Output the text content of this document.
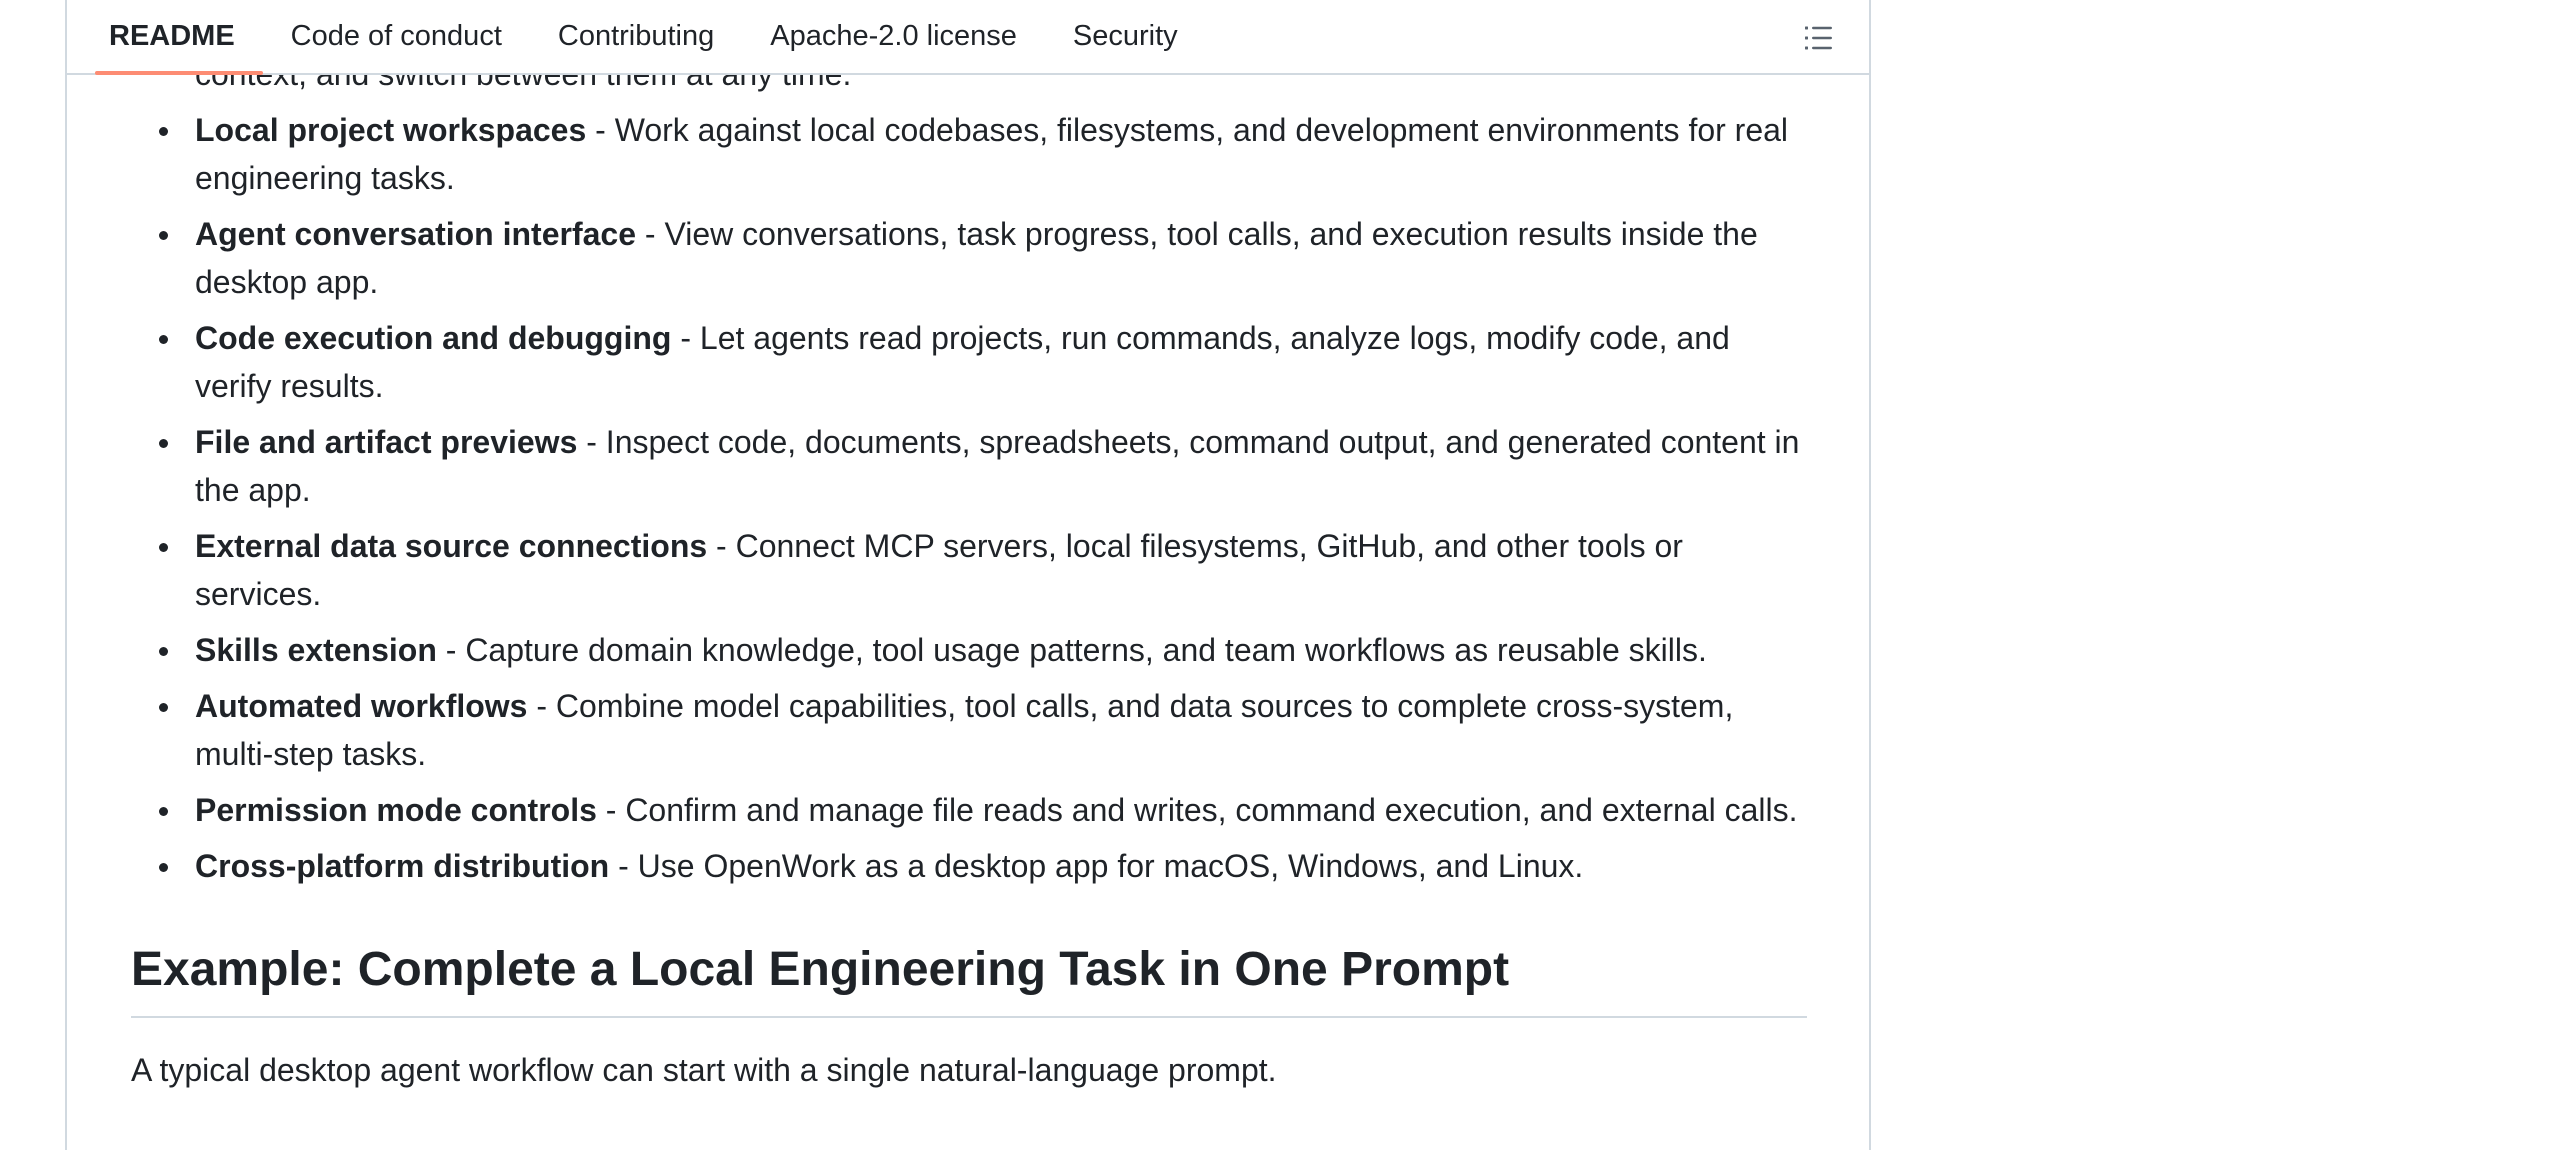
README Code of conduct Contributing Apache-2.0 license Security
Local project workspaces - Work against local codebases, filesystems, and development environments for real engineering tasks.
Agent conversation interface - View conversations, task progress, tool calls, and execution results inside the desktop app.
Code execution and debugging - Let agents read projects, run commands, analyze logs, modify code, and verify results.
File and artifact previews - Inspect code, documents, spreadsheets, command output, and generated content in the app.
External data source connections - Connect MCP servers, local filesystems, GitHub, and other tools or services.
Skills extension - Capture domain knowledge, tool usage patterns, and team workflows as reusable skills.
Automated workflows - Combine model capabilities, tool calls, and data sources to complete cross-system, multi-step tasks.
Permission mode controls - Confirm and manage file reads and writes, command execution, and external calls.
Cross-platform distribution - Use OpenWork as a desktop app for macOS, Windows, and Linux.
Example: Complete a Local Engineering Task in One Prompt
A typical desktop agent workflow can start with a single natural-language prompt.
